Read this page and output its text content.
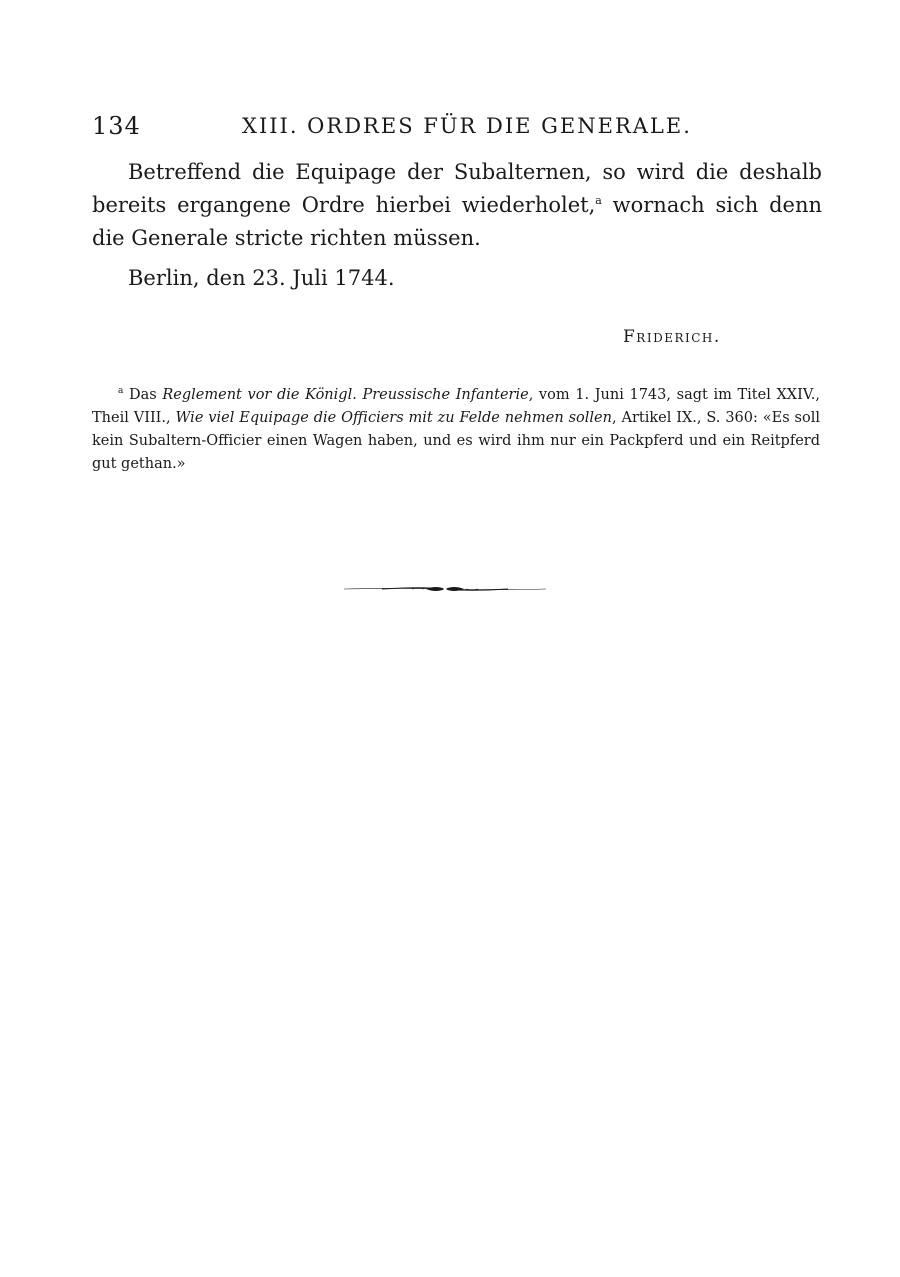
134	XIII. ORDRES FÜR DIE GENERALE.

Betreffend die Equipage der Subalternen, so wird die deshalb bereits ergangene Ordre hierbei wiederholet,$^a$ wornach sich denn die Generale stricte richten müssen.

Berlin, den 23. Juli 1744.
Friderich.

$^a$ Das Reglement vor die Königl. Preussische Infanterie, vom 1. Juni 1743, sagt im Titel XXIV., Theil VIII., Wie viel Equipage die Officiers mit zu Felde nehmen sollen, Artikel IX., S. 360: «Es soll kein Subaltern-Officier einen Wagen haben, und es wird ihm nur ein Packpferd und ein Reitpferd gut gethan.»
